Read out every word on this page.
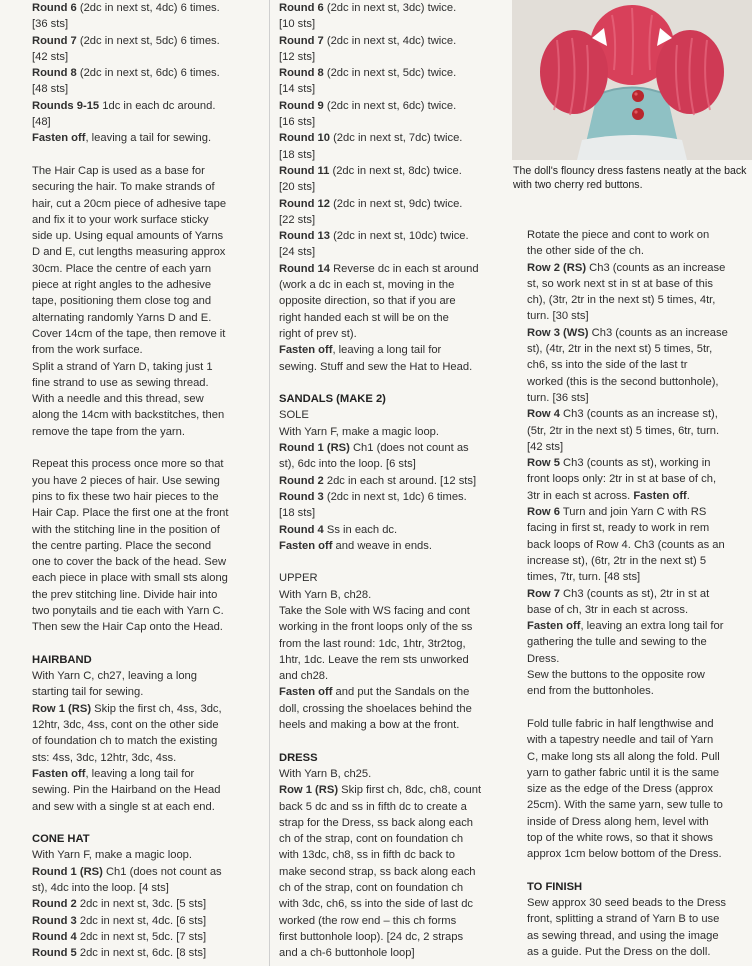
Round 6 (2dc in next st, 4dc) 6 times.

[36 sts]

Round 7 (2dc in next st, 5dc) 6 times.

[42 sts]

Round 8 (2dc in next st, 6dc) 6 times.

[48 sts]

Rounds 9-15 1dc in each dc around.

[48]

Fasten off, leaving a tail for sewing.

The Hair Cap is used as a base for

securing the hair. To make strands of

hair, cut a 20cm piece of adhesive tape

and fix it to your work surface sticky

side up. Using equal amounts of Yarns

D and E, cut lengths measuring approx

30cm. Place the centre of each yarn

piece at right angles to the adhesive

tape, positioning them close tog and

alternating randomly Yarns D and E.

Cover 14cm of the tape, then remove it

from the work surface.

Split a strand of Yarn D, taking just 1

fine strand to use as sewing thread.

With a needle and this thread, sew

along the 14cm with backstitches, then

remove the tape from the yarn.

Repeat this process once more so that

you have 2 pieces of hair. Use sewing

pins to fix these two hair pieces to the

Hair Cap. Place the first one at the front

with the stitching line in the position of

the centre parting. Place the second

one to cover the back of the head. Sew

each piece in place with small sts along

the prev stitching line. Divide hair into

two ponytails and tie each with Yarn C.

Then sew the Hair Cap onto the Head.

HAIRBAND

With Yarn C, ch27, leaving a long

starting tail for sewing.

Row 1 (RS) Skip the first ch, 4ss, 3dc,

12htr, 3dc, 4ss, cont on the other side

of foundation ch to match the existing

sts: 4ss, 3dc, 12htr, 3dc, 4ss.

Fasten off, leaving a long tail for

sewing. Pin the Hairband on the Head

and sew with a single st at each end.

CONE HAT

With Yarn F, make a magic loop.

Round 1 (RS) Ch1 (does not count as

st), 4dc into the loop. [4 sts]

Round 2 2dc in next st, 3dc. [5 sts]

Round 3 2dc in next st, 4dc. [6 sts]

Round 4 2dc in next st, 5dc. [7 sts]

Round 5 2dc in next st, 6dc. [8 sts]

Round 6 (2dc in next st, 3dc) twice.

[10 sts]

Round 7 (2dc in next st, 4dc) twice.

[12 sts]

Round 8 (2dc in next st, 5dc) twice.

[14 sts]

Round 9 (2dc in next st, 6dc) twice.

[16 sts]

Round 10 (2dc in next st, 7dc) twice.

[18 sts]

Round 11 (2dc in next st, 8dc) twice.

[20 sts]

Round 12 (2dc in next st, 9dc) twice.

[22 sts]

Round 13 (2dc in next st, 10dc) twice.

[24 sts]

Round 14 Reverse dc in each st around

(work a dc in each st, moving in the

opposite direction, so that if you are

right handed each st will be on the

right of prev st).

Fasten off, leaving a long tail for

sewing. Stuff and sew the Hat to Head.

SANDALS (MAKE 2)

SOLE

With Yarn F, make a magic loop.

Round 1 (RS) Ch1 (does not count as

st), 6dc into the loop. [6 sts]

Round 2 2dc in each st around. [12 sts]

Round 3 (2dc in next st, 1dc) 6 times.

[18 sts]

Round 4 Ss in each dc.

Fasten off and weave in ends.

UPPER

With Yarn B, ch28.

Take the Sole with WS facing and cont

working in the front loops only of the ss

from the last round: 1dc, 1htr, 3tr2tog,

1htr, 1dc. Leave the rem sts unworked

and ch28.

Fasten off and put the Sandals on the

doll, crossing the shoelaces behind the

heels and making a bow at the front.

DRESS

With Yarn B, ch25.

Row 1 (RS) Skip first ch, 8dc, ch8, count

back 5 dc and ss in fifth dc to create a

strap for the Dress, ss back along each

ch of the strap, cont on foundation ch

with 13dc, ch8, ss in fifth dc back to

make second strap, ss back along each

ch of the strap, cont on foundation ch

with 3dc, ch6, ss into the side of last dc

worked (the row end – this ch forms

first buttonhole loop). [24 dc, 2 straps

and a ch-6 buttonhole loop]

The doll's flouncy dress fastens neatly at the back with two cherry red buttons.

Rotate the piece and cont to work on

the other side of the ch.

Row 2 (RS) Ch3 (counts as an increase

st, so work next st in st at base of this

ch), (3tr, 2tr in the next st) 5 times, 4tr,

turn. [30 sts]

Row 3 (WS) Ch3 (counts as an increase

st), (4tr, 2tr in the next st) 5 times, 5tr,

ch6, ss into the side of the last tr

worked (this is the second buttonhole),

turn. [36 sts]

Row 4 Ch3 (counts as an increase st),

(5tr, 2tr in the next st) 5 times, 6tr, turn.

[42 sts]

Row 5 Ch3 (counts as st), working in

front loops only: 2tr in st at base of ch,

3tr in each st across. Fasten off.

Row 6 Turn and join Yarn C with RS

facing in first st, ready to work in rem

back loops of Row 4. Ch3 (counts as an

increase st), (6tr, 2tr in the next st) 5

times, 7tr, turn. [48 sts]

Row 7 Ch3 (counts as st), 2tr in st at

base of ch, 3tr in each st across.

Fasten off, leaving an extra long tail for

gathering the tulle and sewing to the

Dress.

Sew the buttons to the opposite row

end from the buttonholes.

Fold tulle fabric in half lengthwise and

with a tapestry needle and tail of Yarn

C, make long sts all along the fold. Pull

yarn to gather fabric until it is the same

size as the edge of the Dress (approx

25cm). With the same yarn, sew tulle to

inside of Dress along hem, level with

top of the white rows, so that it shows

approx 1cm below bottom of the Dress.

TO FINISH

Sew approx 30 seed beads to the Dress

front, splitting a strand of Yarn B to use

as sewing thread, and using the image

as a guide. Put the Dress on the doll.
